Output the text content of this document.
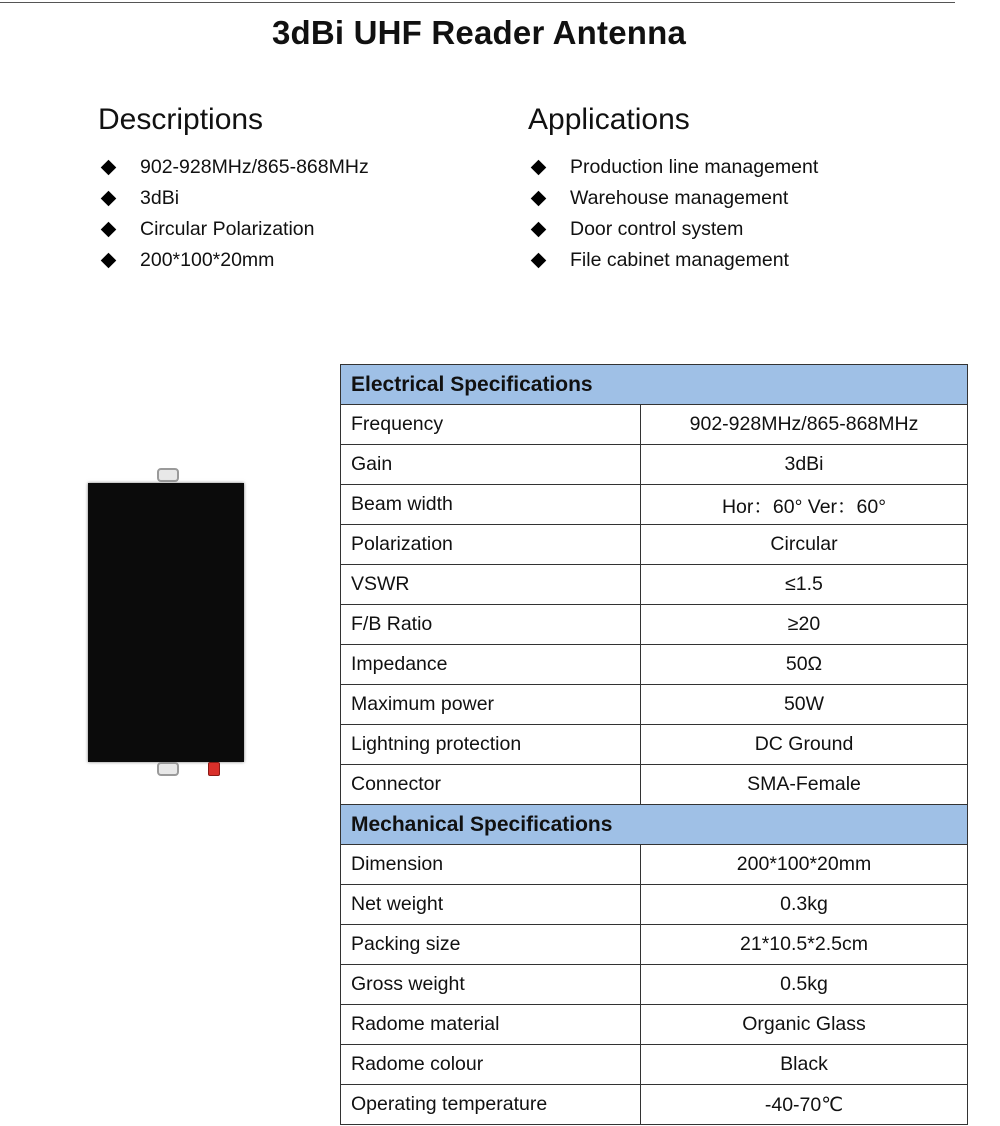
3dBi UHF Reader Antenna
Descriptions
902-928MHz/865-868MHz
3dBi
Circular Polarization
200*100*20mm
Applications
Production line management
Warehouse management
Door control system
File cabinet management
Electrical Specifications	
Frequency	902-928MHz/865-868MHz
Gain	3dBi
Beam width	Hor：60° Ver：60°
Polarization	Circular
VSWR	≤1.5
F/B Ratio	≥20
Impedance	50Ω
Maximum power	50W
Lightning protection	DC Ground
Connector	SMA-Female
Mechanical Specifications	
Dimension	200*100*20mm
Net weight	0.3kg
Packing size	21*10.5*2.5cm
Gross weight	0.5kg
Radome material	Organic Glass
Radome colour	Black
Operating temperature	-40-70℃
